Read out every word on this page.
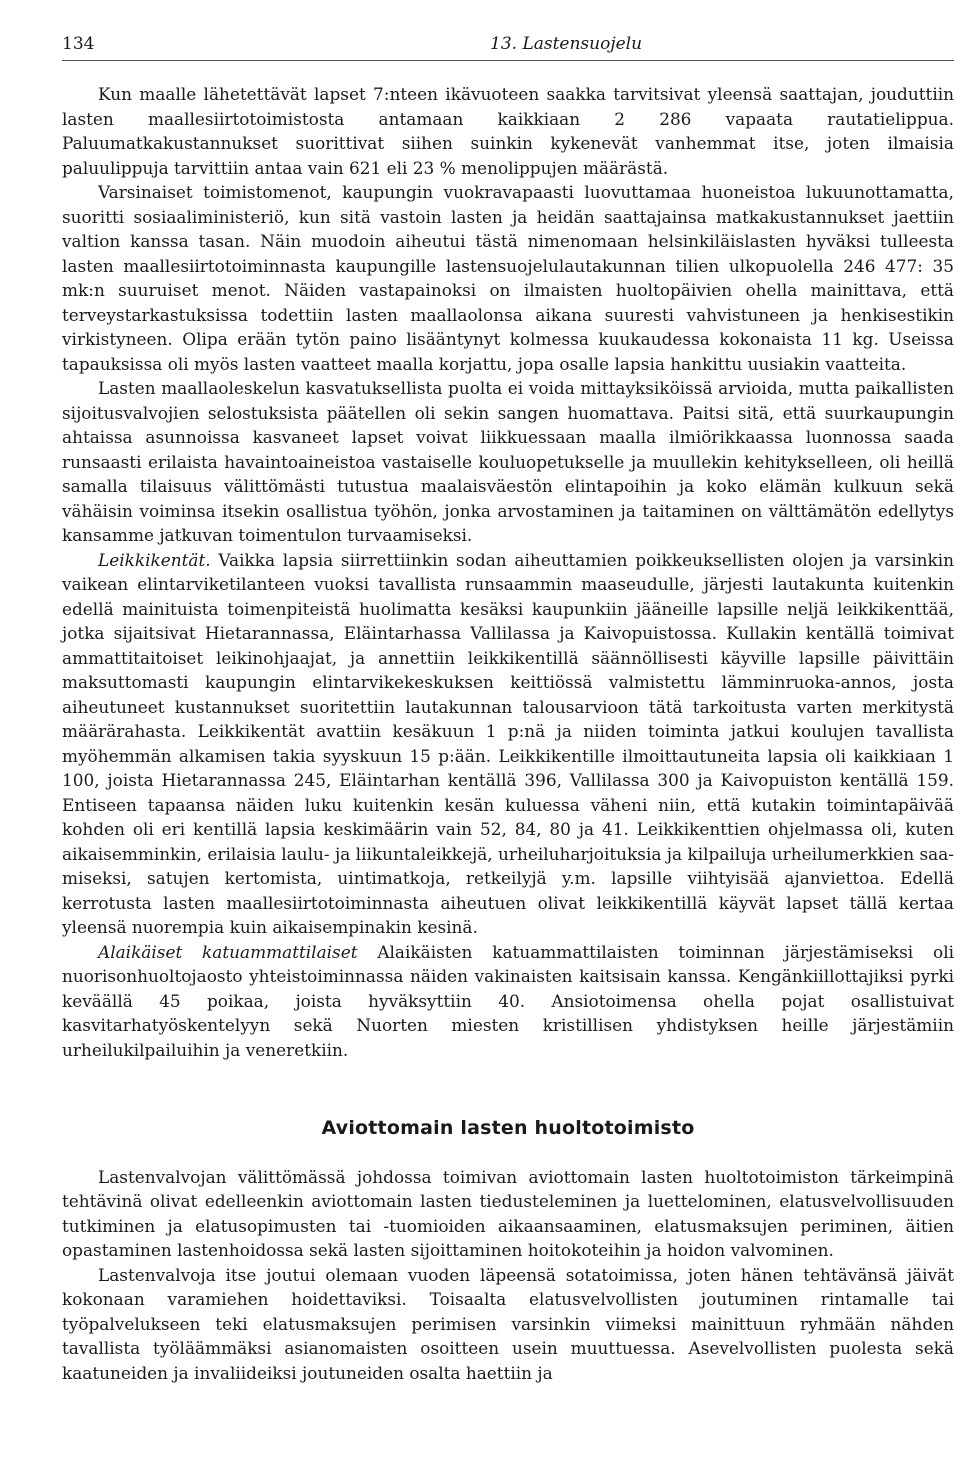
134	13. Lastensuojelu

Kun maalle lähetettävät lapset 7:nteen ikävuoteen saakka tarvitsivat yleensä saattajan, jouduttiin lasten maallesiirtotoimistosta antamaan kaikkiaan 2 286 vapaata rautatielippua. Paluumatkakustannukset suorittivat siihen suinkin kykenevät vanhemmat itse, joten ilmaisia paluulippuja tarvittiin antaa vain 621 eli 23 % menolippujen määrästä.

Varsinaiset toimistomenot, kaupungin vuokravapaasti luovuttamaa huoneistoa lukuunottamatta, suoritti sosiaaliministeriö, kun sitä vastoin lasten ja heidän saattajainsa matkakustannukset jaettiin valtion kanssa tasan. Näin muodoin aiheutui tästä nimenomaan helsinkiläislasten hyväksi tulleesta lasten maallesiirtotoiminnasta kaupungille lastensuojelulautakunnan tilien ulkopuolella 246 477: 35 mk:n suuruiset menot. Näiden vastapainoksi on ilmaisten huoltopäivien ohella mainittava, että terveystarkastuksissa todettiin lasten maallaolonsa aikana suuresti vahvistuneen ja henkisestikin virkistyneen. Olipa erään tytön paino lisääntynyt kolmessa kuukaudessa kokonaista 11 kg. Useissa tapauksissa oli myös lasten vaatteet maalla korjattu, jopa osalle lapsia hankittu uusiakin vaatteita.

Lasten maallaoleskelun kasvatuksellista puolta ei voida mittayksiköissä arvioida, mutta paikallisten sijoitusvalvojien selostuksista päätellen oli sekin sangen huomattava. Paitsi sitä, että suurkaupungin ahtaissa asunnoissa kasvaneet lapset voivat liikkuessaan maalla ilmiörikkaassa luonnossa saada runsaasti erilaista havaintoaineistoa vastaiselle kouluopetukselle ja muullekin kehitykselleen, oli heillä samalla tilaisuus välittömästi tutustua maalaisväestön elintapoihin ja koko elämän kulkuun sekä vähäisin voiminsa itsekin osallistua työhön, jonka arvostaminen ja taitaminen on välttämätön edellytys kansamme jatkuvan toimentulon turvaamiseksi.

Leikkikentät. Vaikka lapsia siirrettiinkin sodan aiheuttamien poikkeuksellisten olojen ja varsinkin vaikean elintarviketilanteen vuoksi tavallista runsaammin maaseudulle, järjesti lautakunta kuitenkin edellä mainituista toimenpiteistä huolimatta kesäksi kaupunkiin jääneille lapsille neljä leikkikenttää, jotka sijaitsivat Hietarannassa, Eläintarhassa Vallilassa ja Kaivopuistossa. Kullakin kentällä toimivat ammattitaitoiset leikinohjaajat, ja annettiin leikkikentillä säännöllisesti käyville lapsille päivittäin maksuttomasti kaupungin elintarvikekeskuksen keittiössä valmistettu lämminruoka-annos, josta aiheutuneet kustannukset suoritettiin lautakunnan talousarvioon tätä tarkoitusta varten merkitystä määrärahasta. Leikkikentät avattiin kesäkuun 1 p:nä ja niiden toiminta jatkui koulujen tavallista myöhemmän alkamisen takia syyskuun 15 p:ään. Leikkikentille ilmoittautuneita lapsia oli kaikkiaan 1 100, joista Hietarannassa 245, Eläintarhan kentällä 396, Vallilassa 300 ja Kaivopuiston kentällä 159. Entiseen tapaansa näiden luku kuitenkin kesän kuluessa väheni niin, että kutakin toimintapäivää kohden oli eri kentillä lapsia keskimäärin vain 52, 84, 80 ja 41. Leikkikenttien ohjelmassa oli, kuten aikaisemminkin, erilaisia laulu- ja liikuntaleikkejä, urheiluharjoituksia ja kilpailuja urheilumerkkien saamiseksi, satujen kertomista, uintimatkoja, retkeilyjä y.m. lapsille viihtyisää ajanviettoa. Edellä kerrotusta lasten maallesiirtotoiminnasta aiheutuen olivat leikkikentillä käyvät lapset tällä kertaa yleensä nuorempia kuin aikaisempinakin kesinä.

Alaikäiset katuammattilaiset Alaikäisten katuammattilaisten toiminnan järjestämiseksi oli nuorisonhuoltojaosto yhteistoiminnassa näiden vakinaisten kaitsisain kanssa. Kengänkiillottajiksi pyrki keväällä 45 poikaa, joista hyväksyttiin 40. Ansiotoimensa ohella pojat osallistuivat kasvitarhatyöskentelyyn sekä Nuorten miesten kristillisen yhdistyksen heille järjestämiin urheilukilpailuihin ja veneretkiin.

Aviottomain lasten huoltotoimisto

Lastenvalvojan välittömässä johdossa toimivan aviottomain lasten huoltotoimiston tärkeimpinä tehtävinä olivat edelleenkin aviottomain lasten tiedusteleminen ja luettelominen, elatusvelvollisuuden tutkiminen ja elatusopimusten tai -tuomioiden aikaansaaminen, elatusmaksujen periminen, äitien opastaminen lastenhoidossa sekä lasten sijoittaminen hoitokoteihin ja hoidon valvominen.

Lastenvalvoja itse joutui olemaan vuoden läpeensä sotatoimissa, joten hänen tehtävänsä jäivät kokonaan varamiehen hoidettaviksi. Toisaalta elatusvelvollisten joutuminen rintamalle tai työpalvelukseen teki elatusmaksujen perimisen varsinkin viimeksi mainittuun ryhmään nähden tavallista työläämmäksi asianomaisten osoitteen usein muuttuessa. Asevelvollisten puolesta sekä kaatuneiden ja invaliideiksi joutuneiden osalta haettiin ja
